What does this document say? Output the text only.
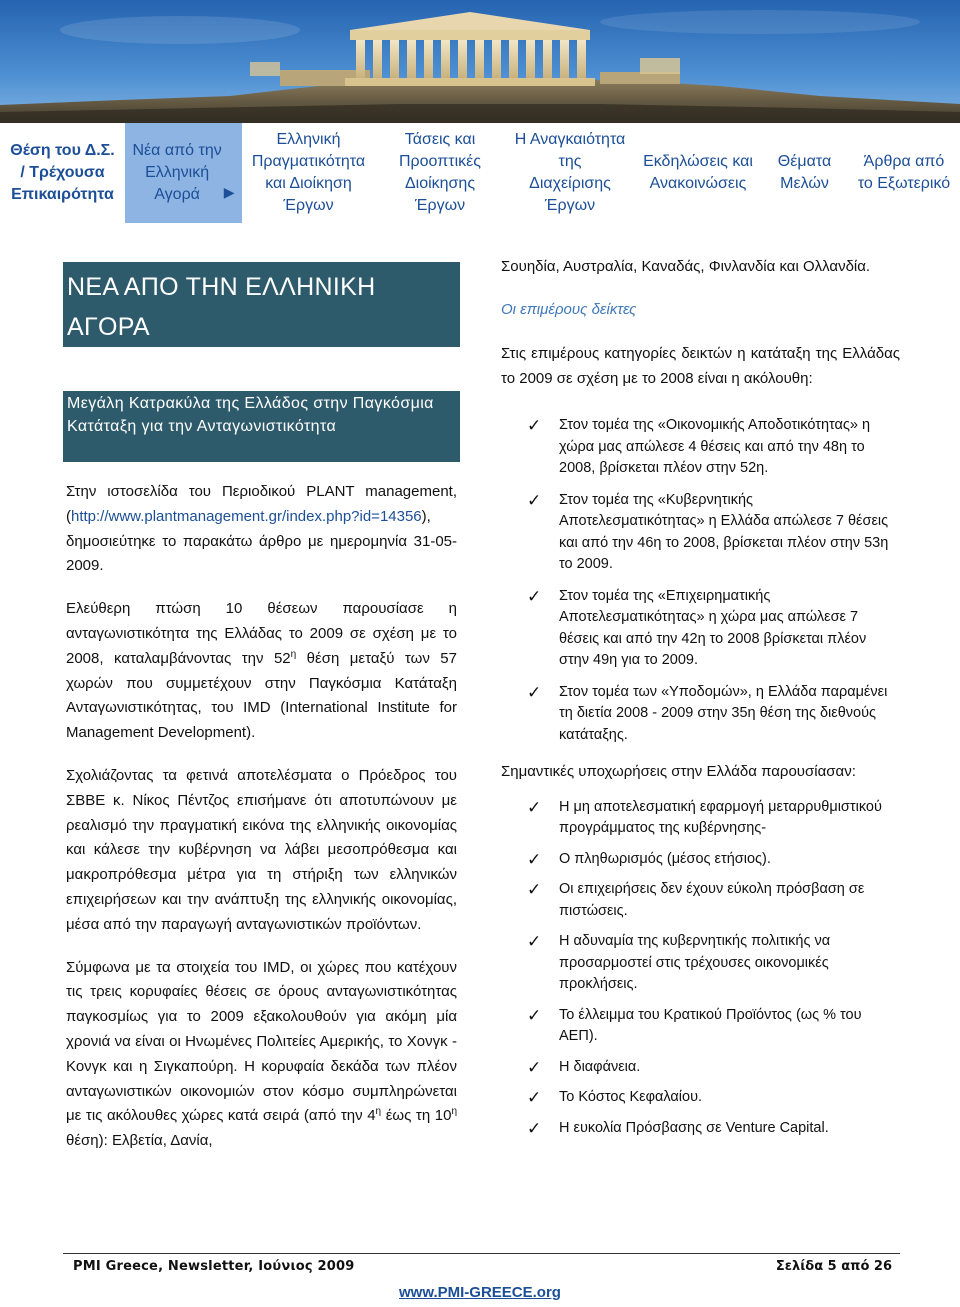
Θέση του Δ.Σ.
/ Τρέχουσα
Επικαιρότητα
Νέα από την
Ελληνική
Αγορά	▶
Ελληνική
Πραγματικότητα
και Διοίκηση
Έργων
Τάσεις και
Προοπτικές
Διοίκησης
Έργων
Η Αναγκαιότητα
της
Διαχείρισης
Έργων
Εκδηλώσεις και
Ανακοινώσεις
Θέματα
Μελών
Άρθρα από
το Εξωτερικό
ΝΕΑ ΑΠΟ ΤΗΝ ΕΛΛΗΝΙΚΗ
ΑΓΟΡΑ
Μεγάλη Κατρακύλα της Ελλάδος στην Παγκόσμια Κατάταξη για την Ανταγωνιστικότητα

Στην ιστοσελίδα του Περιοδικού PLANT management,(http://www.plantmanagement.gr/index.php?id=14356), δημοσιεύτηκε το παρακάτω άρθρο με ημερομηνία 31-05-2009.

Ελεύθερη πτώση 10 θέσεων παρουσίασε η ανταγωνιστικότητα της Ελλάδας το 2009 σε σχέση με το 2008, καταλαμβάνοντας την $52^\eta$ θέση μεταξύ των 57 χωρών που συμμετέχουν στην Παγκόσμια Κατάταξη Ανταγωνιστικότητας, του IMD (International Institute for Management Development).

Σχολιάζοντας τα φετινά αποτελέσματα ο Πρόεδρος του ΣΒΒΕ κ. Νίκος Πέντζος επισήμανε ότι αποτυπώνουν με ρεαλισμό την πραγματική εικόνα της ελληνικής οικονομίας και κάλεσε την κυβέρνηση να λάβει μεσοπρόθεσμα και μακροπρόθεσμα μέτρα για τη στήριξη των ελληνικών επιχειρήσεων και την ανάπτυξη της ελληνικής οικονομίας, μέσα από την παραγωγή ανταγωνιστικών προϊόντων.

Σύμφωνα με τα στοιχεία του IMD, οι χώρες που κατέχουν τις τρεις κορυφαίες θέσεις σε όρους ανταγωνιστικότητας παγκοσμίως για το 2009 εξακολουθούν για ακόμη μία χρονιά να είναι οι Ηνωμένες Πολιτείες Αμερικής, το Χονγκ - Κονγκ και η Σιγκαπούρη. Η κορυφαία δεκάδα των πλέον ανταγωνιστικών οικονομιών στον κόσμο συμπληρώνεται με τις ακόλουθες χώρες κατά σειρά (από την $4^\eta$ έως τη $10^\eta$ θέση): Ελβετία, Δανία,

Σουηδία, Αυστραλία, Καναδάς, Φινλανδία και Ολλανδία.

Οι επιμέρους δείκτες

Στις επιμέρους κατηγορίες δεικτών η κατάταξη της Ελλάδας το 2009 σε σχέση με το 2008 είναι η ακόλουθη:

✓ Στον τομέα της «Οικονομικής Αποδοτικότητας» η χώρα μας απώλεσε 4 θέσεις και από την 48η το 2008, βρίσκεται πλέον στην 52η.
✓ Στον τομέα της «Κυβερνητικής Αποτελεσματικότητας» η Ελλάδα απώλεσε 7 θέσεις και από την 46η το 2008, βρίσκεται πλέον στην 53η το 2009.
✓ Στον τομέα της «Επιχειρηματικής Αποτελεσματικότητας» η χώρα μας απώλεσε 7 θέσεις και από την 42η το 2008 βρίσκεται πλέον στην 49η για το 2009.
✓ Στον τομέα των «Υποδομών», η Ελλάδα παραμένει τη διετία 2008 - 2009 στην 35η θέση της διεθνούς κατάταξης.

Σημαντικές υποχωρήσεις στην Ελλάδα παρουσίασαν:

✓ Η μη αποτελεσματική εφαρμογή μεταρρυθμιστικού προγράμματος της κυβέρνησης-
✓ Ο πληθωρισμός (μέσος ετήσιος).
✓ Οι επιχειρήσεις δεν έχουν εύκολη πρόσβαση σε πιστώσεις.
✓ Η αδυναμία της κυβερνητικής πολιτικής να προσαρμοστεί στις τρέχουσες οικονομικές προκλήσεις.
✓ Το έλλειμμα του Κρατικού Προϊόντος (ως % του ΑΕΠ).
✓ Η διαφάνεια.
✓ Το Κόστος Κεφαλαίου.
✓ Η ευκολία Πρόσβασης σε Venture Capital.
PMI Greece, Newsletter, Ιούνιος 2009	Σελίδα 5 από 26
www.PMI-GREECE.org
